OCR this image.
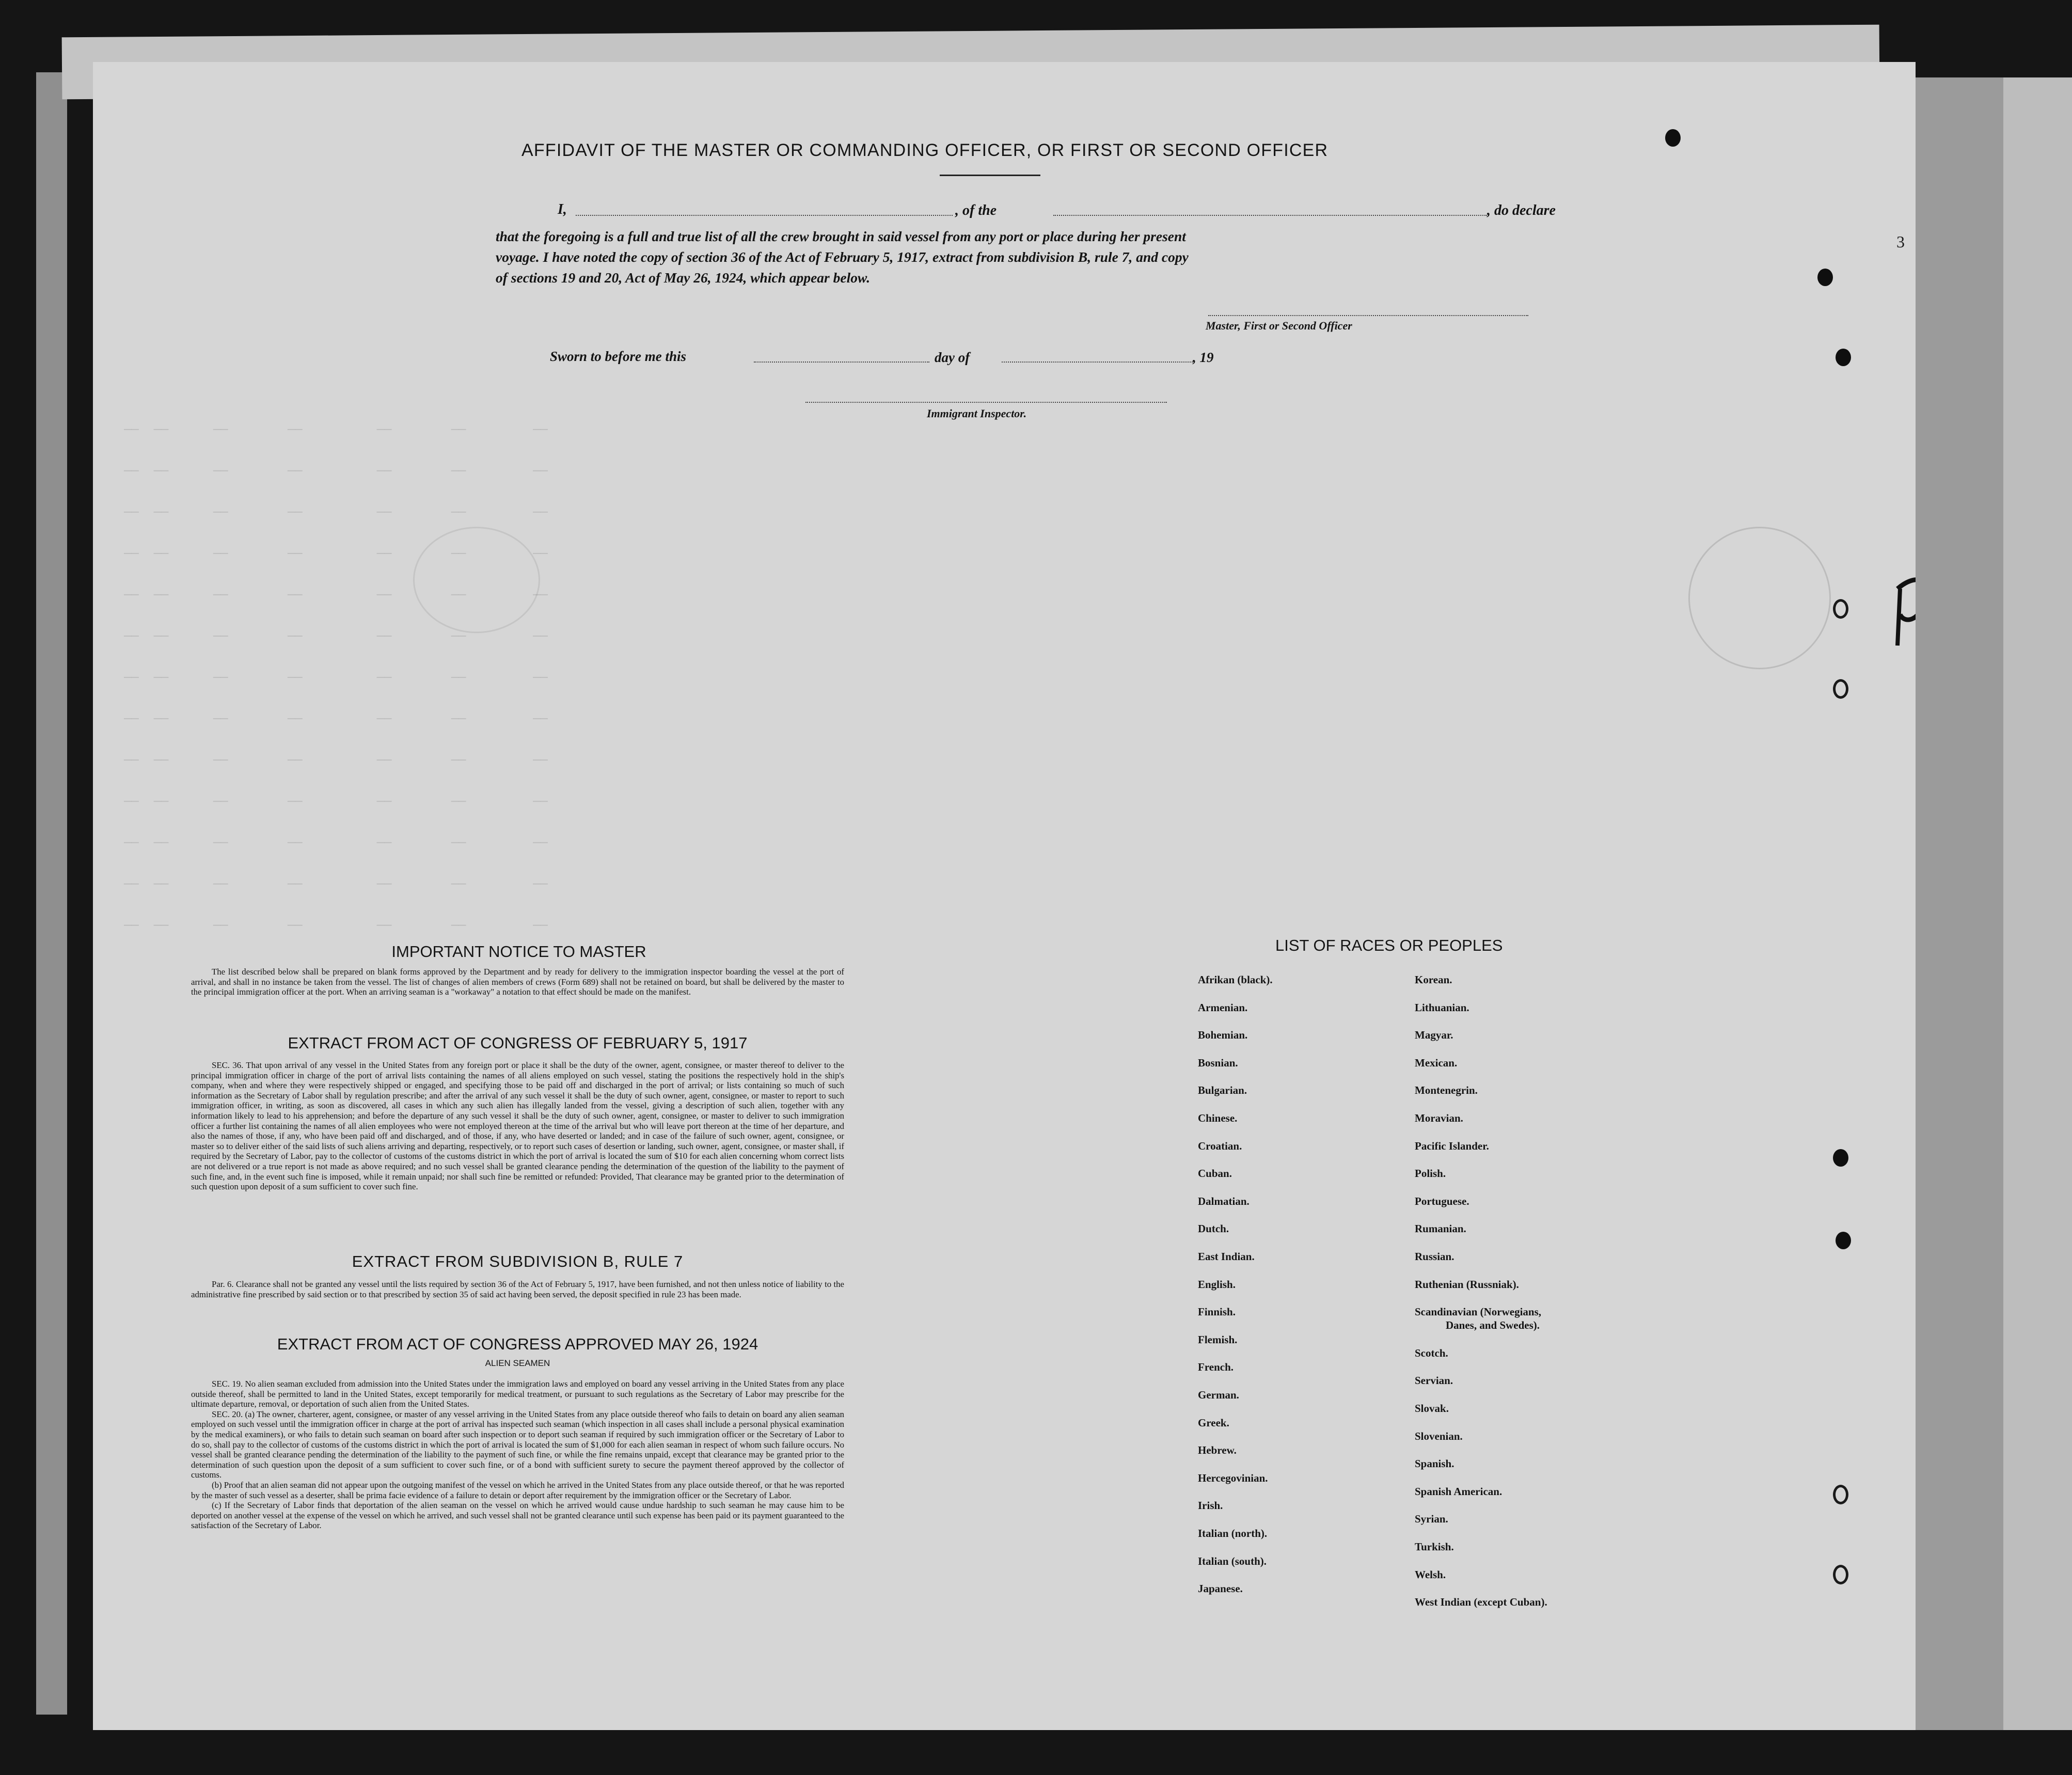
──  ──      ──        ──          ──        ──         ──
──  ──      ──        ──          ──        ──         ──
──  ──      ──        ──          ──        ──         ──
──  ──      ──        ──          ──        ──         ──
──  ──      ──        ──          ──        ──         ──
──  ──      ──        ──          ──        ──         ──
──  ──      ──        ──          ──        ──         ──
──  ──      ──        ──          ──        ──         ──
──  ──      ──        ──          ──        ──         ──
──  ──      ──        ──          ──        ──         ──
──  ──      ──        ──          ──        ──         ──
──  ──      ──        ──          ──        ──         ──
──  ──      ──        ──          ──        ──         ──
AFFIDAVIT OF THE MASTER OR COMMANDING OFFICER, OR FIRST OR SECOND OFFICER
I,	, of the	, do declare
that the foregoing is a full and true list of all the crew brought in said vessel from any port or place during her present
voyage. I have noted the copy of section 36 of the Act of February 5, 1917, extract from subdivision B, rule 7, and copy
of sections 19 and 20, Act of May 26, 1924, which appear below.
Master, First or Second Officer
Sworn to before me this	day of	, 19
Immigrant Inspector.
IMPORTANT NOTICE TO MASTER

The list described below shall be prepared on blank forms approved by the Department and by ready for delivery to the immigration inspector boarding the vessel at the port of arrival, and shall in no instance be taken from the vessel. The list of changes of alien members of crews (Form 689) shall not be retained on board, but shall be delivered by the master to the principal immigration officer at the port. When an arriving seaman is a "workaway" a notation to that effect should be made on the manifest.

EXTRACT FROM ACT OF CONGRESS OF FEBRUARY 5, 1917

SEC. 36. That upon arrival of any vessel in the United States from any foreign port or place it shall be the duty of the owner, agent, consignee, or master thereof to deliver to the principal immigration officer in charge of the port of arrival lists containing the names of all aliens employed on such vessel, stating the positions the respectively hold in the ship's company, when and where they were respectively shipped or engaged, and specifying those to be paid off and discharged in the port of arrival; or lists containing so much of such information as the Secretary of Labor shall by regulation prescribe; and after the arrival of any such vessel it shall be the duty of such owner, agent, consignee, or master to report to such immigration officer, in writing, as soon as discovered, all cases in which any such alien has illegally landed from the vessel, giving a description of such alien, together with any information likely to lead to his apprehension; and before the departure of any such vessel it shall be the duty of such owner, agent, consignee, or master to deliver to such immigration officer a further list containing the names of all alien employees who were not employed thereon at the time of the arrival but who will leave port thereon at the time of her departure, and also the names of those, if any, who have been paid off and discharged, and of those, if any, who have deserted or landed; and in case of the failure of such owner, agent, consignee, or master so to deliver either of the said lists of such aliens arriving and departing, respectively, or to report such cases of desertion or landing, such owner, agent, consignee, or master shall, if required by the Secretary of Labor, pay to the collector of customs of the customs district in which the port of arrival is located the sum of $10 for each alien concerning whom correct lists are not delivered or a true report is not made as above required; and no such vessel shall be granted clearance pending the determination of the question of the liability to the payment of such fine, and, in the event such fine is imposed, while it remain unpaid; nor shall such fine be remitted or refunded: Provided, That clearance may be granted prior to the determination of such question upon deposit of a sum sufficient to cover such fine.

EXTRACT FROM SUBDIVISION B, RULE 7

Par. 6. Clearance shall not be granted any vessel until the lists required by section 36 of the Act of February 5, 1917, have been furnished, and not then unless notice of liability to the administrative fine prescribed by said section or to that prescribed by section 35 of said act having been served, the deposit specified in rule 23 has been made.

EXTRACT FROM ACT OF CONGRESS APPROVED MAY 26, 1924
ALIEN SEAMEN

SEC. 19. No alien seaman excluded from admission into the United States under the immigration laws and employed on board any vessel arriving in the United States from any place outside thereof, shall be permitted to land in the United States, except temporarily for medical treatment, or pursuant to such regulations as the Secretary of Labor may prescribe for the ultimate departure, removal, or deportation of such alien from the United States.

SEC. 20. (a) The owner, charterer, agent, consignee, or master of any vessel arriving in the United States from any place outside thereof who fails to detain on board any alien seaman employed on such vessel until the immigration officer in charge at the port of arrival has inspected such seaman (which inspection in all cases shall include a personal physical examination by the medical examiners), or who fails to detain such seaman on board after such inspection or to deport such seaman if required by such immigration officer or the Secretary of Labor to do so, shall pay to the collector of customs of the customs district in which the port of arrival is located the sum of $1,000 for each alien seaman in respect of whom such failure occurs. No vessel shall be granted clearance pending the determination of the liability to the payment of such fine, or while the fine remains unpaid, except that clearance may be granted prior to the determination of such question upon the deposit of a sum sufficient to cover such fine, or of a bond with sufficient surety to secure the payment thereof approved by the collector of customs.

(b) Proof that an alien seaman did not appear upon the outgoing manifest of the vessel on which he arrived in the United States from any place outside thereof, or that he was reported by the master of such vessel as a deserter, shall be prima facie evidence of a failure to detain or deport after requirement by the immigration officer or the Secretary of Labor.

(c) If the Secretary of Labor finds that deportation of the alien seaman on the vessel on which he arrived would cause undue hardship to such seaman he may cause him to be deported on another vessel at the expense of the vessel on which he arrived, and such vessel shall not be granted clearance until such expense has been paid or its payment guaranteed to the satisfaction of the Secretary of Labor.

LIST OF RACES OR PEOPLES
Afrikan (black).
Armenian.
Bohemian.
Bosnian.
Bulgarian.
Chinese.
Croatian.
Cuban.
Dalmatian.
Dutch.
East Indian.
English.
Finnish.
Flemish.
French.
German.
Greek.
Hebrew.
Hercegovinian.
Irish.
Italian (north).
Italian (south).
Japanese.
Korean.
Lithuanian.
Magyar.
Mexican.
Montenegrin.
Moravian.
Pacific Islander.
Polish.
Portuguese.
Rumanian.
Russian.
Ruthenian (Russniak).
Scandinavian (Norwegians,
Danes, and Swedes).
Scotch.
Servian.
Slovak.
Slovenian.
Spanish.
Spanish American.
Syrian.
Turkish.
Welsh.
West Indian (except Cuban).
3
